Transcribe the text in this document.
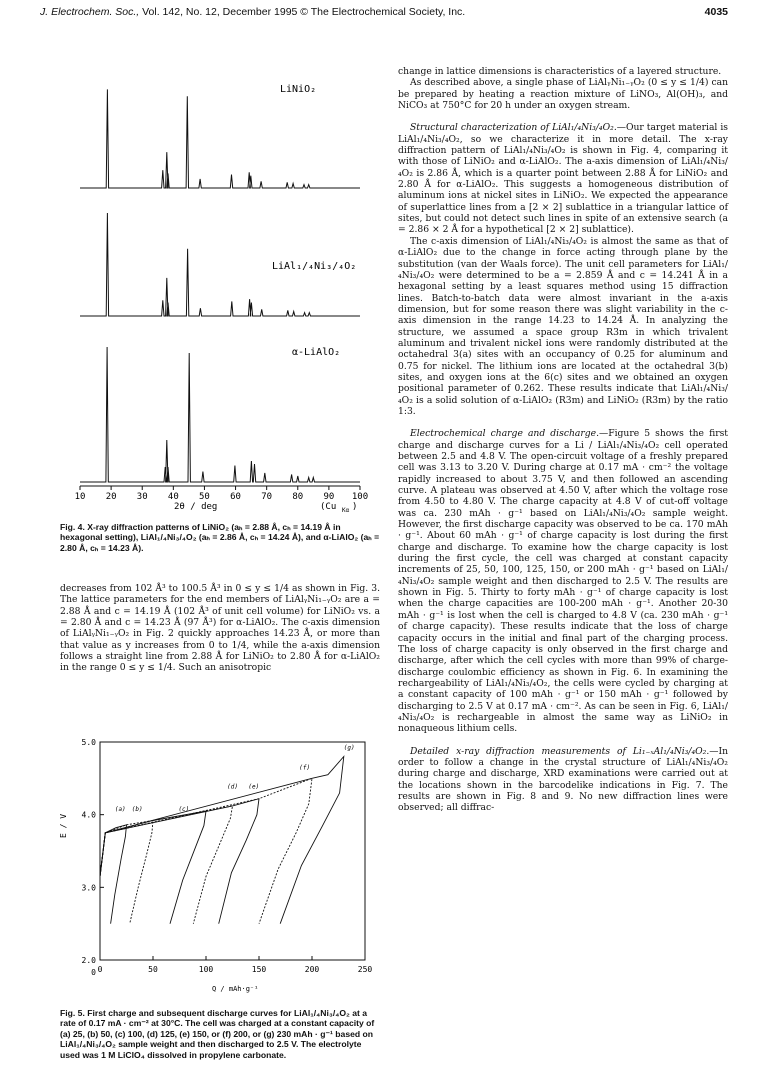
J. Electrochem. Soc., Vol. 142, No. 12, December 1995 © The Electrochemical Society, Inc.	4035
LiNiO₂
LiAl₁/₄Ni₃/₄O₂
α-LiAlO₂
10 20 30 40 50 60 70 80 90 100
2θ / deg	(Cu Kα )
Fig. 4. X-ray diffraction patterns of LiNiO₂ (aₕ = 2.88 Å, cₕ = 14.19 Å in hexagonal setting), LiAl₁/₄Ni₃/₄O₂ (aₕ = 2.86 Å, cₕ = 14.24 Å), and α-LiAlO₂ (aₕ = 2.80 Å, cₕ = 14.23 Å).

decreases from 102 Å³ to 100.5 Å³ in 0 ≤ y ≤ 1/4 as shown in Fig. 3. The lattice parameters for the end members of LiAlᵧNi₁₋ᵧO₂ are a = 2.88 Å and c = 14.19 Å (102 Å³ of unit cell volume) for LiNiO₂ vs. a = 2.80 Å and c = 14.23 Å (97 Å³) for α-LiAlO₂. The c-axis dimension of LiAlᵧNi₁₋ᵧO₂ in Fig. 2 quickly approaches 14.23 Å, or more than that value as y increases from 0 to 1/4, while the a-axis dimension follows a straight line from 2.88 Å for LiNiO₂ to 2.80 Å for α-LiAlO₂ in the range 0 ≤ y ≤ 1/4. Such an anisotropic

5.0
4.0
3.0
2.0
0 0	50	100	150	200	250
(a) (b)	(c)
(d) (e)
(f)
(g)
E / V
Q / mAh·g⁻¹
Fig. 5. First charge and subsequent discharge curves for LiAl₁/₄Ni₃/₄O₂ at a rate of 0.17 mA · cm⁻² at 30°C. The cell was charged at a constant capacity of (a) 25, (b) 50, (c) 100, (d) 125, (e) 150, or (f) 200, or (g) 230 mAh · g⁻¹ based on LiAl₁/₄Ni₃/₄O₂ sample weight and then discharged to 2.5 V. The electrolyte used was 1 M LiClO₄ dissolved in propylene carbonate.

change in lattice dimensions is characteristics of a layered structure.

As described above, a single phase of LiAlᵧNi₁₋ᵧO₂ (0 ≤ y ≤ 1/4) can be prepared by heating a reaction mixture of LiNO₃, Al(OH)₃, and NiCO₃ at 750°C for 20 h under an oxygen stream.

Structural characterization of LiAl₁/₄Ni₃/₄O₂.—Our target material is LiAl₁/₄Ni₃/₄O₂, so we characterize it in more detail. The x-ray diffraction pattern of LiAl₁/₄Ni₃/₄O₂ is shown in Fig. 4, comparing it with those of LiNiO₂ and α-LiAlO₂. The a-axis dimension of LiAl₁/₄Ni₃/₄O₂ is 2.86 Å, which is a quarter point between 2.88 Å for LiNiO₂ and 2.80 Å for α-LiAlO₂. This suggests a homogeneous distribution of aluminum ions at nickel sites in LiNiO₂. We expected the appearance of superlattice lines from a [2 × 2] sublattice in a triangular lattice of sites, but could not detect such lines in spite of an extensive search (a = 2.86 × 2 Å for a hypothetical [2 × 2] sublattice).

The c-axis dimension of LiAl₁/₄Ni₃/₄O₂ is almost the same as that of α-LiAlO₂ due to the change in force acting through plane by the substitution (van der Waals force). The unit cell parameters for LiAl₁/₄Ni₃/₄O₂ were determined to be a = 2.859 Å and c = 14.241 Å in a hexagonal setting by a least squares method using 15 diffraction lines. Batch-to-batch data were almost invariant in the a-axis dimension, but for some reason there was slight variability in the c-axis dimension in the range 14.23 to 14.24 Å. In analyzing the structure, we assumed a space group R3m in which trivalent aluminum and trivalent nickel ions were randomly distributed at the octahedral 3(a) sites with an occupancy of 0.25 for aluminum and 0.75 for nickel. The lithium ions are located at the octahedral 3(b) sites, and oxygen ions at the 6(c) sites and we obtained an oxygen positional parameter of 0.262. These results indicate that LiAl₁/₄Ni₃/₄O₂ is a solid solution of α-LiAlO₂ (R3m) and LiNiO₂ (R3m) by the ratio 1:3.

Electrochemical charge and discharge.—Figure 5 shows the first charge and discharge curves for a Li / LiAl₁/₄Ni₃/₄O₂ cell operated between 2.5 and 4.8 V. The open-circuit voltage of a freshly prepared cell was 3.13 to 3.20 V. During charge at 0.17 mA · cm⁻² the voltage rapidly increased to about 3.75 V, and then followed an ascending curve. A plateau was observed at 4.50 V, after which the voltage rose from 4.50 to 4.80 V. The charge capacity at 4.8 V of cut-off voltage was ca. 230 mAh · g⁻¹ based on LiAl₁/₄Ni₃/₄O₂ sample weight. However, the first discharge capacity was observed to be ca. 170 mAh · g⁻¹. About 60 mAh · g⁻¹ of charge capacity is lost during the first charge and discharge. To examine how the charge capacity is lost during the first cycle, the cell was charged at constant capacity increments of 25, 50, 100, 125, 150, or 200 mAh · g⁻¹ based on LiAl₁/₄Ni₃/₄O₂ sample weight and then discharged to 2.5 V. The results are shown in Fig. 5. Thirty to forty mAh · g⁻¹ of charge capacity is lost when the charge capacities are 100-200 mAh · g⁻¹. Another 20-30 mAh · g⁻¹ is lost when the cell is charged to 4.8 V (ca. 230 mAh · g⁻¹ of charge capacity). These results indicate that the loss of charge capacity occurs in the initial and final part of the charging process. The loss of charge capacity is only observed in the first charge and discharge, after which the cell cycles with more than 99% of charge-discharge coulombic efficiency as shown in Fig. 6. In examining the rechargeability of LiAl₁/₄Ni₃/₄O₂, the cells were cycled by charging at a constant capacity of 100 mAh · g⁻¹ or 150 mAh · g⁻¹ followed by discharging to 2.5 V at 0.17 mA · cm⁻². As can be seen in Fig. 6, LiAl₁/₄Ni₃/₄O₂ is rechargeable in almost the same way as LiNiO₂ in nonaqueous lithium cells.

Detailed x-ray diffraction measurements of Li₁₋ₓAl₁/₄Ni₃/₄O₂.—In order to follow a change in the crystal structure of LiAl₁/₄Ni₃/₄O₂ during charge and discharge, XRD examinations were carried out at the locations shown in the barcodelike indications in Fig. 7. The results are shown in Fig. 8 and 9. No new diffraction lines were observed; all diffrac-
